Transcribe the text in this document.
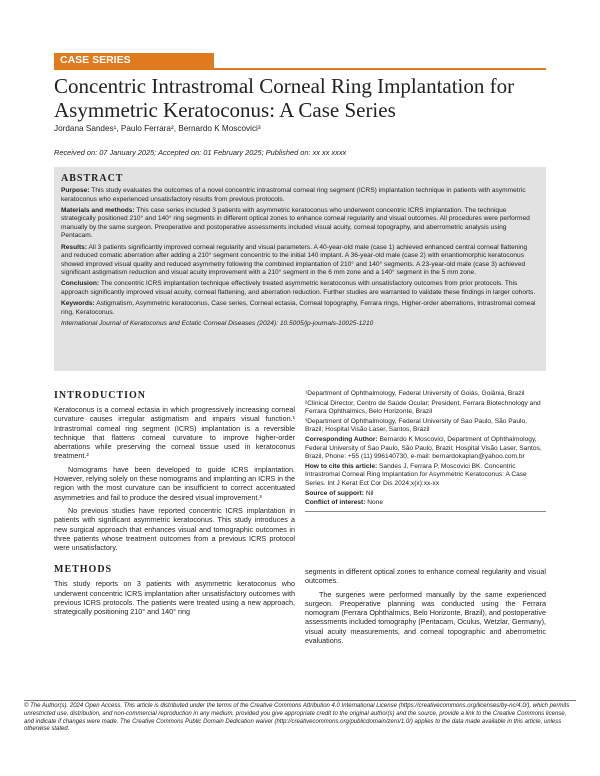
CASE SERIES
Concentric Intrastromal Corneal Ring Implantation for
Asymmetric Keratoconus: A Case Series
Jordana Sandes¹, Paulo Ferrara², Bernardo K Moscovici³
Received on: 07 January 2025; Accepted on: 01 February 2025; Published on: xx xx xxxx
ABSTRACT

Purpose: This study evaluates the outcomes of a novel concentric intrastromal corneal ring segment (ICRS) implantation technique in patients with asymmetric keratoconus who experienced unsatisfactory results from previous protocols.

Materials and methods: This case series included 3 patients with asymmetric keratoconus who underwent concentric ICRS implantation. The technique strategically positioned 210° and 140° ring segments in different optical zones to enhance corneal regularity and visual outcomes. All procedures were performed manually by the same surgeon. Preoperative and postoperative assessments included visual acuity, corneal topography, and aberrometric analysis using Pentacam.

Results: All 3 patients significantly improved corneal regularity and visual parameters. A 40-year-old male (case 1) achieved enhanced central corneal flattening and reduced comatic aberration after adding a 210° segment concentric to the initial 140 implant. A 36-year-old male (case 2) with enantiomorphic keratoconus showed improved visual quality and reduced asymmetry following the combined implantation of 210° and 140° segments. A 23-year-old male (case 3) achieved significant astigmatism reduction and visual acuity improvement with a 210° segment in the 6 mm zone and a 140° segment in the 5 mm zone.

Conclusion: The concentric ICRS implantation technique effectively treated asymmetric keratoconus with unsatisfactory outcomes from prior protocols. This approach significantly improved visual acuity, corneal flattening, and aberration reduction. Further studies are warranted to validate these findings in larger cohorts.

Keywords: Astigmatism, Asymmetric keratoconus, Case series, Corneal ectasia, Corneal topography, Ferrara rings, Higher-order aberrations, Intrastromal corneal ring, Keratoconus.

International Journal of Keratoconus and Ectatic Corneal Diseases (2024): 10.5005/jp-journals-10025-1210
INTRODUCTION

Keratoconus is a corneal ectasia in which progressively increasing corneal curvature causes irregular astigmatism and impairs visual function.¹ Intrastromal corneal ring segment (ICRS) implantation is a reversible technique that flattens corneal curvature to improve higher-order aberrations while preserving the corneal tissue used in keratoconus treatment.²

Nomograms have been developed to guide ICRS implantation. However, relying solely on these nomograms and implanting an ICRS in the region with the most curvature can be insufficient to correct accentuated asymmetries and fail to produce the desired visual improvement.³

No previous studies have reported concentric ICRS implantation in patients with significant asymmetric keratoconus. This study introduces a new surgical approach that enhances visual and tomographic outcomes in three patients whose treatment outcomes from a previous ICRS protocol were unsatisfactory.

METHODS

This study reports on 3 patients with asymmetric keratoconus who underwent concentric ICRS implantation after unsatisfactory outcomes with previous ICRS protocols. The patients were treated using a new approach, strategically positioning 210° and 140° ring

¹Department of Ophthalmology, Federal University of Goiás, Goiânia, Brazil

²Clinical Director, Centro de Saúde Ocular; President, Ferrara Biotechnology and Ferrara Ophthalmics, Belo Horizonte, Brazil

³Department of Ophthalmology, Federal University of Sao Paulo, São Paulo, Brazil; Hospital Visão Laser, Santos, Brazil

Corresponding Author: Bernardo K Moscovici, Department of Ophthalmology, Federal University of Sao Paulo, São Paulo, Brazil; Hospital Visão Laser, Santos, Brazil, Phone: +55 (11) 996140730, e-mail: bernardokaplan@yahoo.com.br

How to cite this article: Sandes J, Ferrara P, Moscovici BK. Concentric Intrastromal Corneal Ring Implantation for Asymmetric Keratoconus: A Case Series. Int J Kerat Ect Cor Dis 2024;x(x):xx-xx

Source of support: Nil

Conflict of interest: None

segments in different optical zones to enhance corneal regularity and visual outcomes.

The surgeries were performed manually by the same experienced surgeon. Preoperative planning was conducted using the Ferrara nomogram (Ferrara Ophthalmics, Belo Horizonte, Brazil), and postoperative assessments included tomography (Pentacam, Oculus, Wetzlar, Germany), visual acuity measurements, and corneal topographic and aberrometric evaluations.

© The Author(s). 2024 Open Access. This article is distributed under the terms of the Creative Commons Attribution 4.0 International License (https://creativecommons.org/licenses/by-nc/4.0/), which permits unrestricted use, distribution, and non-commercial reproduction in any medium, provided you give appropriate credit to the original author(s) and the source, provide a link to the Creative Commons license, and indicate if changes were made. The Creative Commons Public Domain Dedication waiver (http://creativecommons.org/publicdomain/zero/1.0/) applies to the data made available in this article, unless otherwise stated.
